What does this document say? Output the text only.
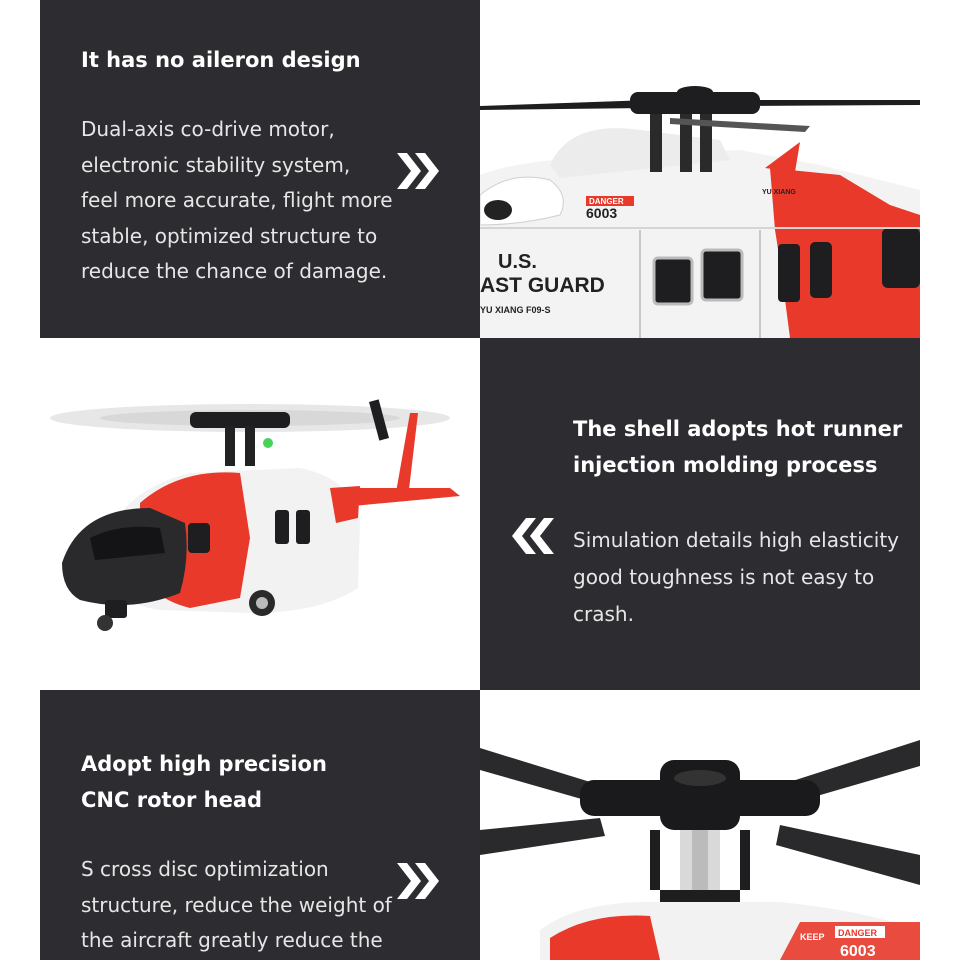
It has no aileron design
Dual-axis co-drive motor,
electronic stability system,
feel more accurate, flight more
stable, optimized structure to
reduce the chance of damage.
DANGER
6003
YU XIANG
U.S.
AST GUARD
YU XIANG F09-S
The shell adopts hot runner
injection molding process
Simulation details high elasticity
good toughness is not easy to
crash.
Adopt high precision
CNC rotor head
S cross disc optimization
structure, reduce the weight of
the aircraft greatly reduce the	DANGER
KEEP
6003
